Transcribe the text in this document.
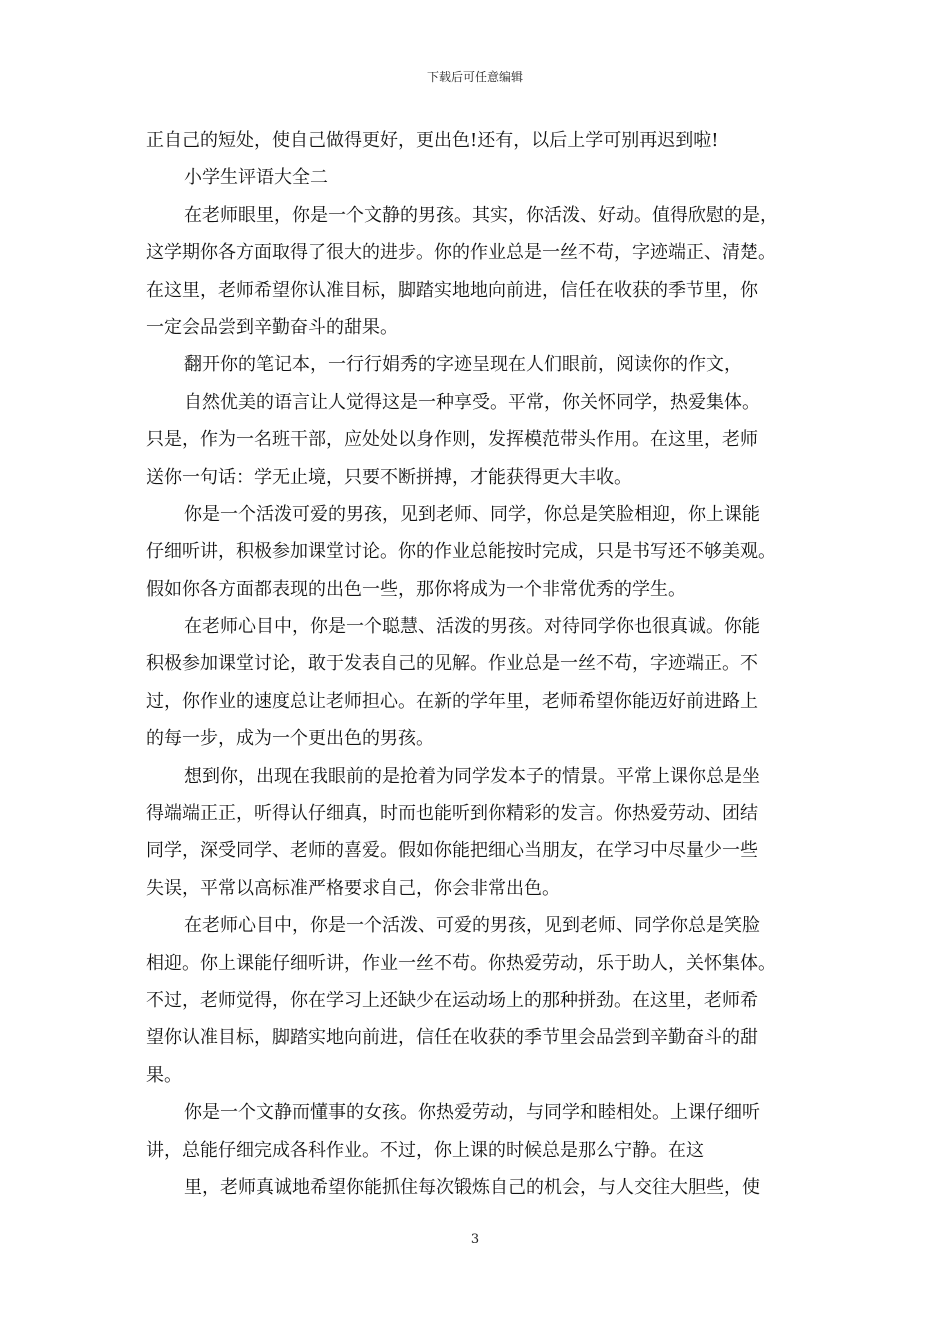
下载后可任意编辑
正自己的短处，使自己做得更好，更出色!还有，以后上学可别再迟到啦!
小学生评语大全二
在老师眼里，你是一个文静的男孩。其实，你活泼、好动。值得欣慰的是，
这学期你各方面取得了很大的进步。你的作业总是一丝不苟，字迹端正、清楚。
在这里，老师希望你认准目标，脚踏实地地向前进，信任在收获的季节里，你
一定会品尝到辛勤奋斗的甜果。
翻开你的笔记本，一行行娟秀的字迹呈现在人们眼前，阅读你的作文，
自然优美的语言让人觉得这是一种享受。平常，你关怀同学，热爱集体。
只是，作为一名班干部，应处处以身作则，发挥模范带头作用。在这里，老师
送你一句话：学无止境，只要不断拼搏，才能获得更大丰收。
你是一个活泼可爱的男孩，见到老师、同学，你总是笑脸相迎，你上课能
仔细听讲，积极参加课堂讨论。你的作业总能按时完成，只是书写还不够美观。
假如你各方面都表现的出色一些，那你将成为一个非常优秀的学生。
在老师心目中，你是一个聪慧、活泼的男孩。对待同学你也很真诚。你能
积极参加课堂讨论，敢于发表自己的见解。作业总是一丝不苟，字迹端正。不
过，你作业的速度总让老师担心。在新的学年里，老师希望你能迈好前进路上
的每一步，成为一个更出色的男孩。
想到你，出现在我眼前的是抢着为同学发本子的情景。平常上课你总是坐
得端端正正，听得认仔细真，时而也能听到你精彩的发言。你热爱劳动、团结
同学，深受同学、老师的喜爱。假如你能把细心当朋友，在学习中尽量少一些
失误，平常以高标准严格要求自己，你会非常出色。
在老师心目中，你是一个活泼、可爱的男孩，见到老师、同学你总是笑脸
相迎。你上课能仔细听讲，作业一丝不苟。你热爱劳动，乐于助人，关怀集体。
不过，老师觉得，你在学习上还缺少在运动场上的那种拼劲。在这里，老师希
望你认准目标，脚踏实地向前进，信任在收获的季节里会品尝到辛勤奋斗的甜
果。
你是一个文静而懂事的女孩。你热爱劳动，与同学和睦相处。上课仔细听
讲，总能仔细完成各科作业。不过，你上课的时候总是那么宁静。在这
里，老师真诚地希望你能抓住每次锻炼自己的机会，与人交往大胆些，使
3
